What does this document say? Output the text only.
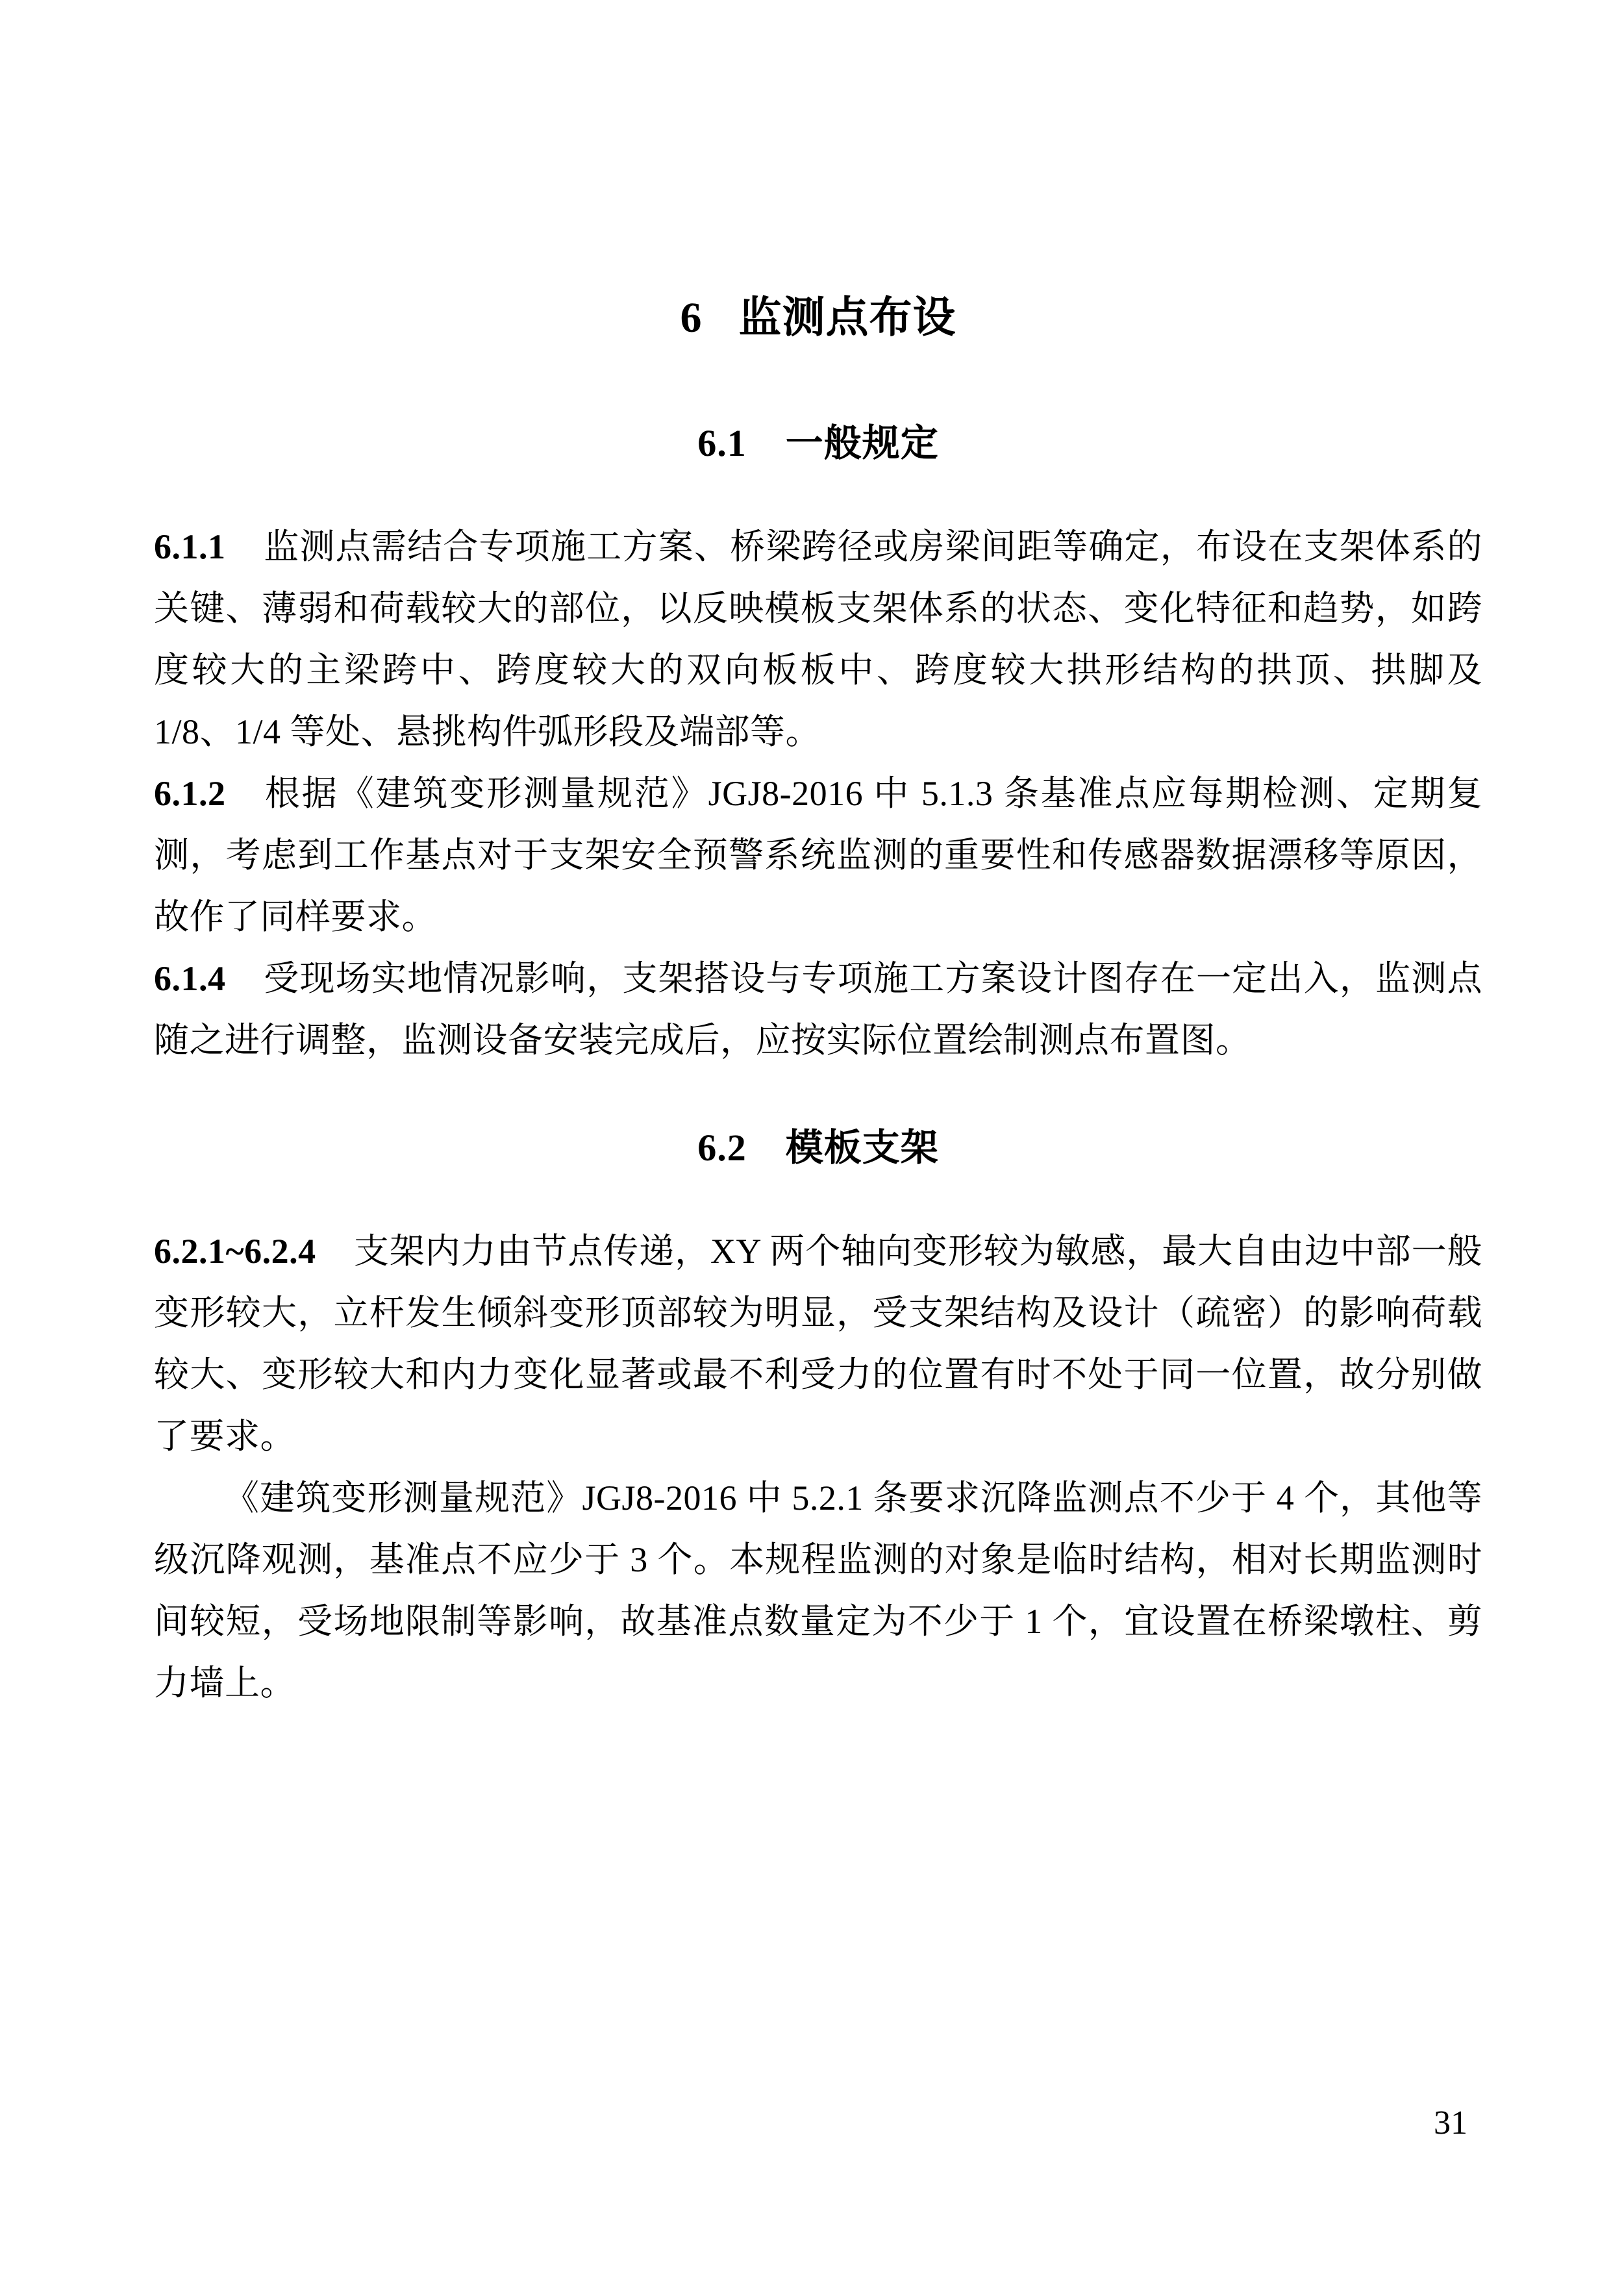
6 监测点布设
6.1 一般规定

6.1.1 监测点需结合专项施工方案、桥梁跨径或房梁间距等确定，布设在支架体系的关键、薄弱和荷载较大的部位，以反映模板支架体系的状态、变化特征和趋势，如跨度较大的主梁跨中、跨度较大的双向板板中、跨度较大拱形结构的拱顶、拱脚及 1/8、1/4 等处、悬挑构件弧形段及端部等。

6.1.2 根据《建筑变形测量规范》JGJ8-2016 中 5.1.3 条基准点应每期检测、定期复测，考虑到工作基点对于支架安全预警系统监测的重要性和传感器数据漂移等原因，故作了同样要求。

6.1.4 受现场实地情况影响，支架搭设与专项施工方案设计图存在一定出入，监测点随之进行调整，监测设备安装完成后，应按实际位置绘制测点布置图。

6.2 模板支架

6.2.1~6.2.4 支架内力由节点传递，XY 两个轴向变形较为敏感，最大自由边中部一般变形较大，立杆发生倾斜变形顶部较为明显，受支架结构及设计（疏密）的影响荷载较大、变形较大和内力变化显著或最不利受力的位置有时不处于同一位置，故分别做了要求。

《建筑变形测量规范》JGJ8-2016 中 5.2.1 条要求沉降监测点不少于 4 个，其他等级沉降观测，基准点不应少于 3 个。本规程监测的对象是临时结构，相对长期监测时间较短，受场地限制等影响，故基准点数量定为不少于 1 个，宜设置在桥梁墩柱、剪力墙上。

31
